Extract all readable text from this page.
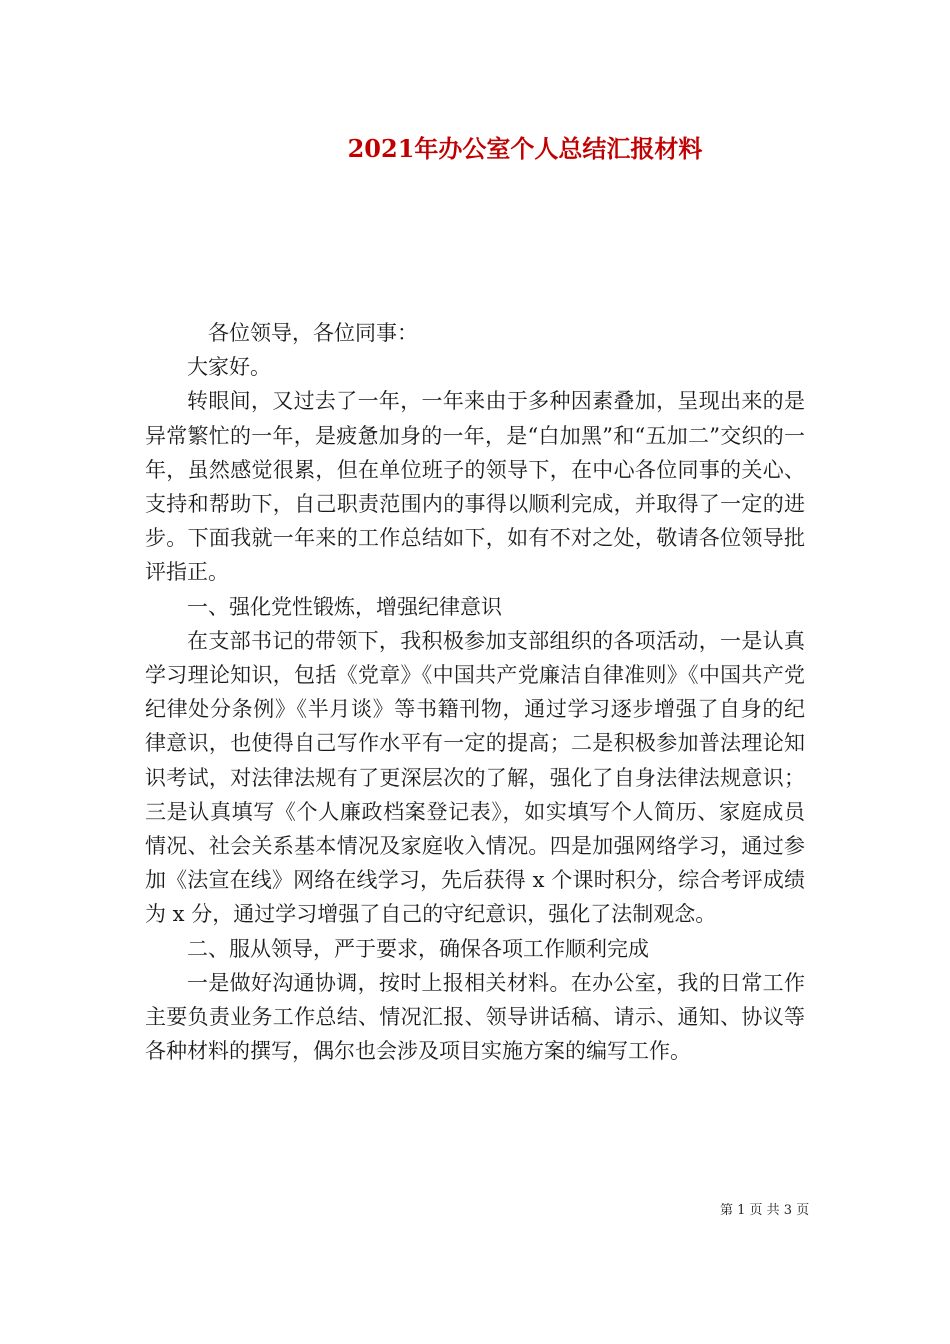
2021年办公室个人总结汇报材料

各位领导，各位同事：

大家好。

转眼间，又过去了一年，一年来由于多种因素叠加，呈现出来的是异常繁忙的一年，是疲惫加身的一年，是“白加黑”和“五加二”交织的一年，虽然感觉很累，但在单位班子的领导下，在中心各位同事的关心、支持和帮助下，自己职责范围内的事得以顺利完成，并取得了一定的进步。下面我就一年来的工作总结如下，如有不对之处，敬请各位领导批评指正。

一、强化党性锻炼，增强纪律意识

在支部书记的带领下，我积极参加支部组织的各项活动，一是认真学习理论知识，包括《党章》《中国共产党廉洁自律准则》《中国共产党纪律处分条例》《半月谈》等书籍刊物，通过学习逐步增强了自身的纪律意识，也使得自己写作水平有一定的提高；二是积极参加普法理论知识考试，对法律法规有了更深层次的了解，强化了自身法律法规意识；三是认真填写《个人廉政档案登记表》，如实填写个人简历、家庭成员情况、社会关系基本情况及家庭收入情况。四是加强网络学习，通过参加《法宣在线》网络在线学习，先后获得 x 个课时积分，综合考评成绩为 x 分，通过学习增强了自己的守纪意识，强化了法制观念。

二、服从领导，严于要求，确保各项工作顺利完成

一是做好沟通协调，按时上报相关材料。在办公室，我的日常工作主要负责业务工作总结、情况汇报、领导讲话稿、请示、通知、协议等各种材料的撰写，偶尔也会涉及项目实施方案的编写工作。

第 1 页 共 3 页
